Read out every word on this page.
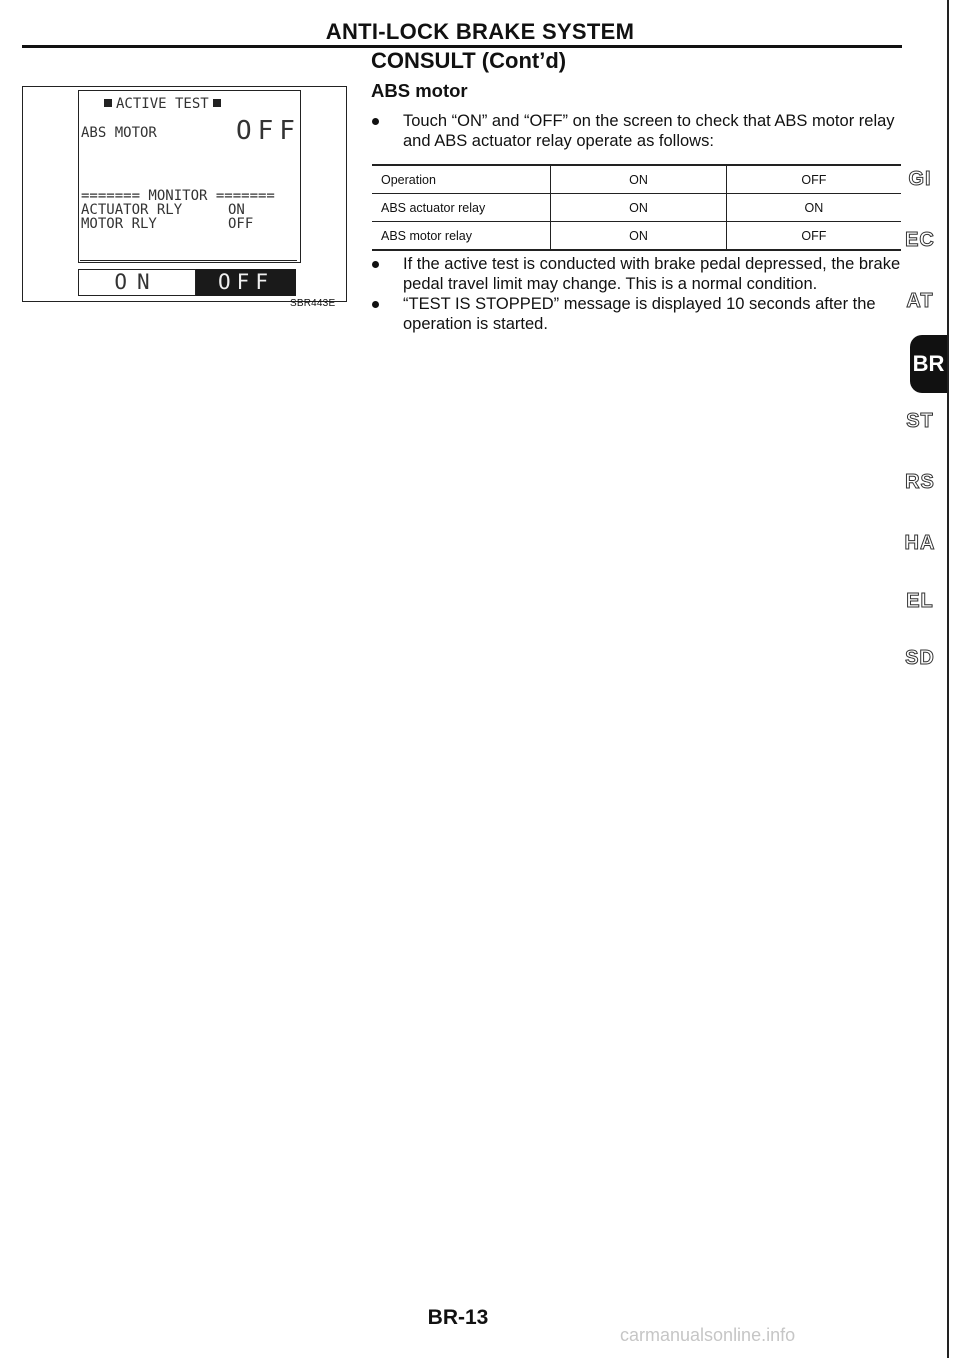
ANTI-LOCK BRAKE SYSTEM
CONSULT (Cont’d)
ABS motor
ACTIVE TEST
ABS MOTOR	OFF
======= MONITOR =======
ACTUATOR RLY	ON
MOTOR RLY	OFF
ON	OFF
SBR443E
Touch “ON” and “OFF” on the screen to check that ABS motor relay and ABS actuator relay operate as follows:
Operation	ON	OFF
ABS actuator relay	ON	ON
ABS motor relay	ON	OFF
If the active test is conducted with brake pedal depressed, the brake pedal travel limit may change. This is a normal condition.
“TEST IS STOPPED” message is displayed 10 seconds after the operation is started.
GI
EC
AT
BR
ST
RS
HA
EL
SD
BR-13
carmanualsonline.info
